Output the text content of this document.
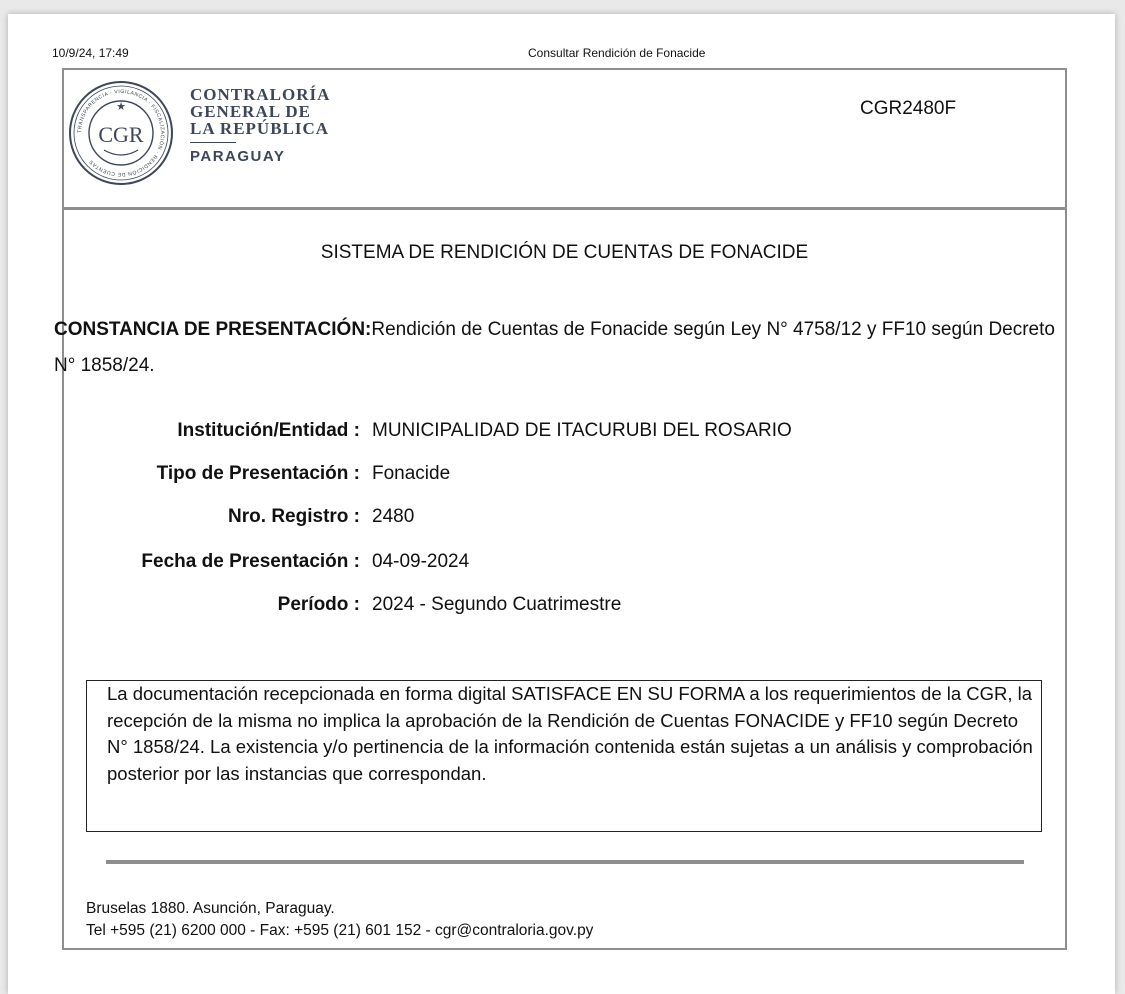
10/9/24, 17:49	Consultar Rendición de Fonacide
TRANSPARENCIA · VIGILANCIA · FISCALIZACIÓN · RENDICIÓN DE CUENTAS
★
CGR
CONTRALORÍA
GENERAL DE
LA REPÚBLICA
PARAGUAY
CGR2480F
SISTEMA DE RENDICIÓN DE CUENTAS DE FONACIDE
CONSTANCIA DE PRESENTACIÓN:Rendición de Cuentas de Fonacide según Ley N° 4758/12 y FF10 según Decreto N° 1858/24.
Institución/Entidad : MUNICIPALIDAD DE ITACURUBI DEL ROSARIO
Tipo de Presentación : Fonacide
Nro. Registro : 2480
Fecha de Presentación : 04-09-2024
Período : 2024 - Segundo Cuatrimestre
La documentación recepcionada en forma digital SATISFACE EN SU FORMA a los requerimientos de la CGR, la recepción de la misma no implica la aprobación de la Rendición de Cuentas FONACIDE y FF10 según Decreto N° 1858/24. La existencia y/o pertinencia de la información contenida están sujetas a un análisis y comprobación posterior por las instancias que correspondan.
Bruselas 1880. Asunción, Paraguay.
Tel +595 (21) 6200 000 - Fax: +595 (21) 601 152 - cgr@contraloria.gov.py
